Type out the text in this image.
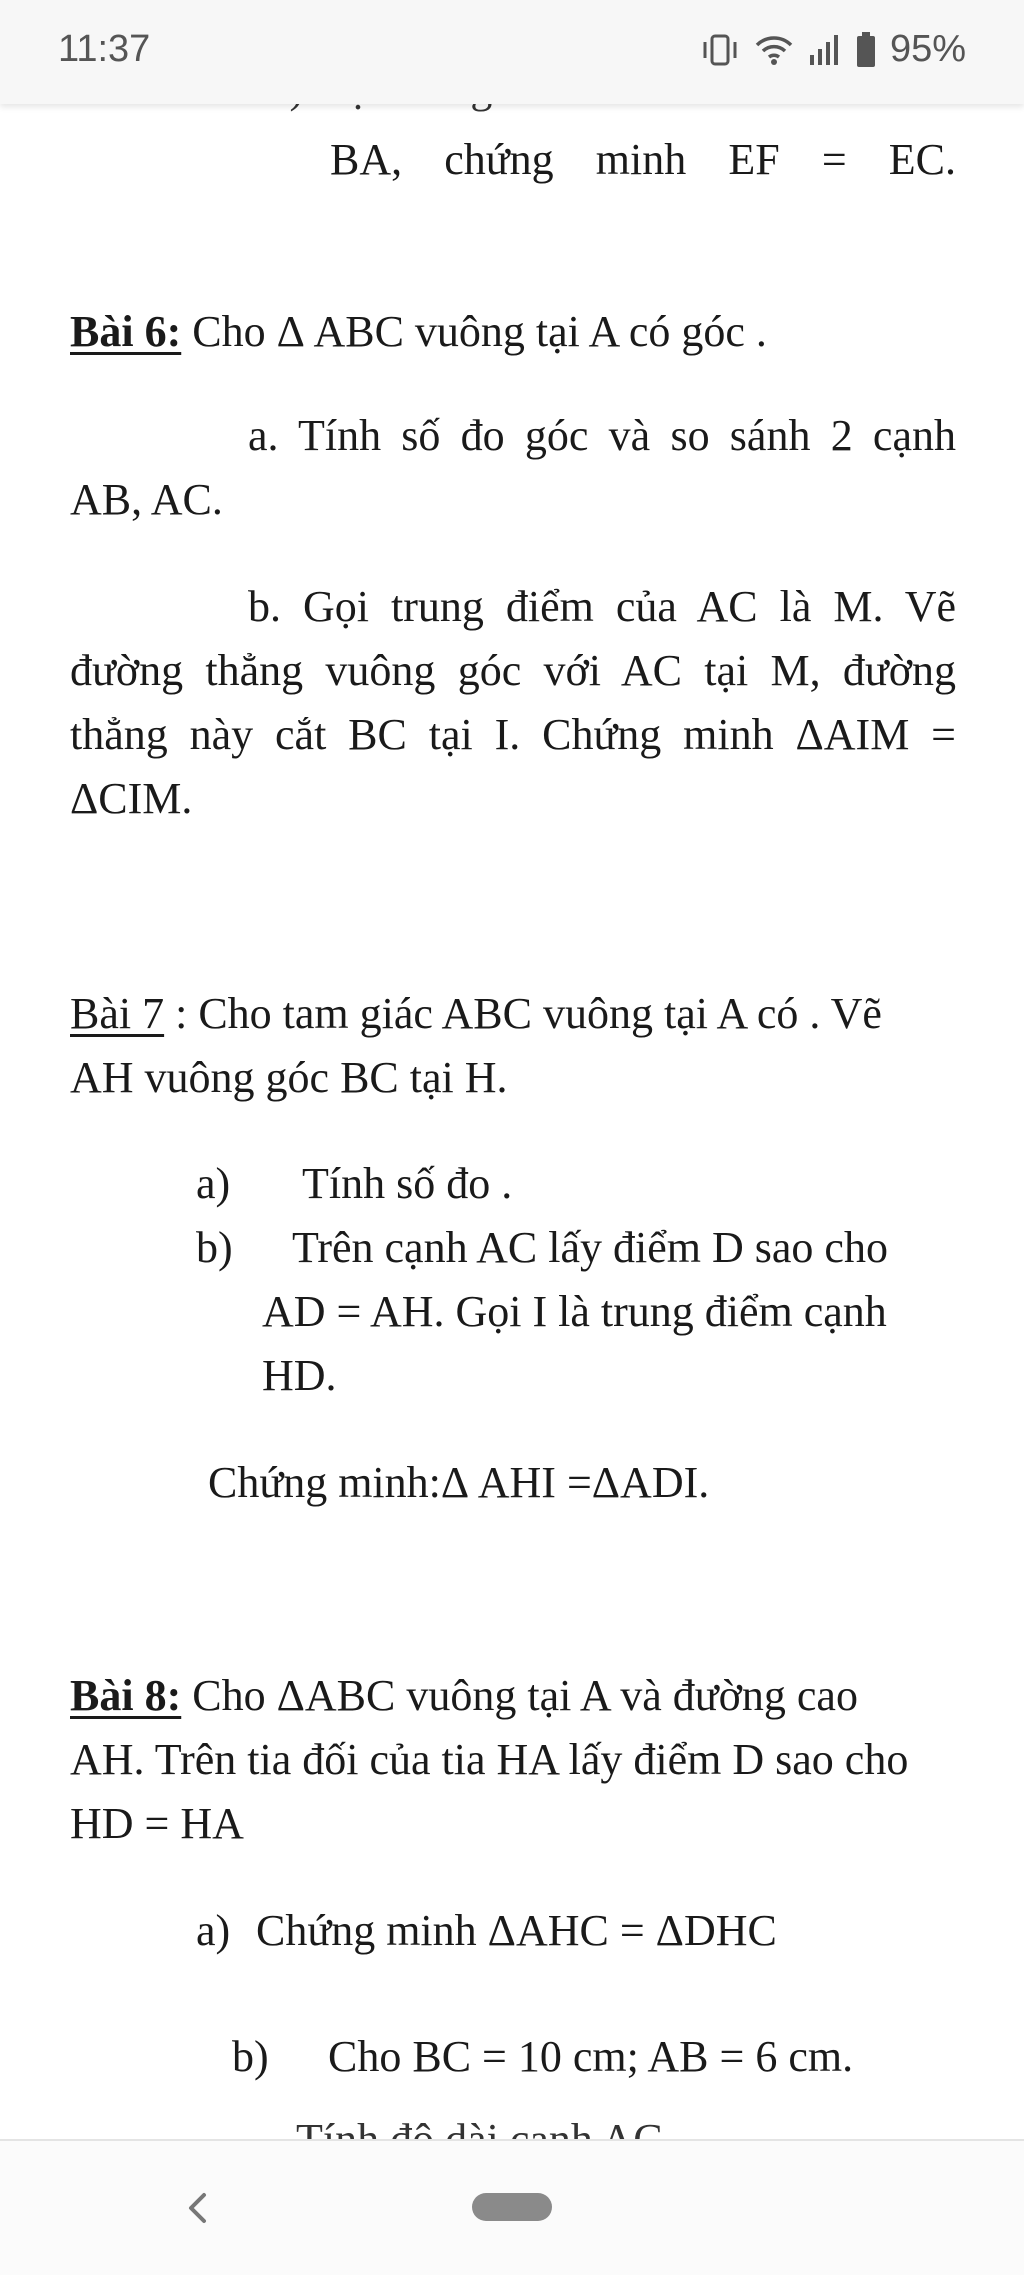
BA, chứng minh EF = EC.
Bài 6: Cho Δ ABC vuông tại A có góc .
a. Tính số đo góc và so sánh 2 cạnh
AB, AC.
b. Gọi trung điểm của AC là M. Vẽ
đường thẳng vuông góc với AC tại M, đường
thẳng này cắt BC tại I. Chứng minh ΔAIM =
ΔCIM.
Bài 7 : Cho tam giác ABC vuông tại A có . Vẽ
AH vuông góc BC tại H.
a) Tính số đo .
b) Trên cạnh AC lấy điểm D sao cho
AD = AH. Gọi I là trung điểm cạnh
HD.
Chứng minh:Δ AHI =ΔADI.
Bài 8: Cho ΔABC vuông tại A và đường cao
AH. Trên tia đối của tia HA lấy điểm D sao cho
HD = HA
a) Chứng minh ΔAHC = ΔDHC
b) Cho BC = 10 cm; AB = 6 cm.
11:37	95%
